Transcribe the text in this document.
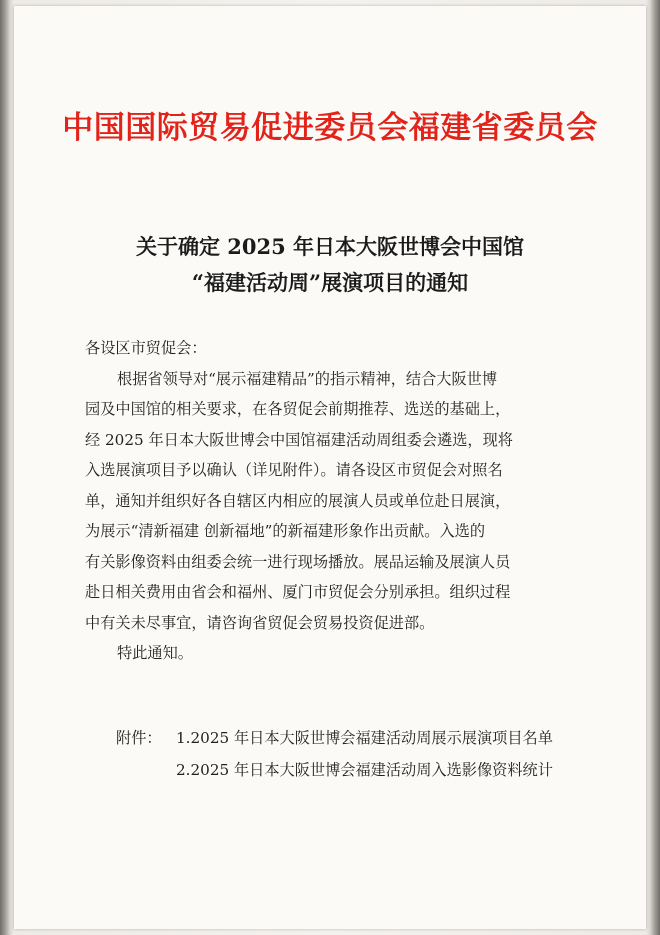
中国国际贸易促进委员会福建省委员会
关于确定 2025 年日本大阪世博会中国馆
“福建活动周”展演项目的通知

各设区市贸促会：

根据省领导对“展示福建精品”的指示精神，结合大阪世博

园及中国馆的相关要求，在各贸促会前期推荐、选送的基础上，

经 2025 年日本大阪世博会中国馆福建活动周组委会遴选，现将

入选展演项目予以确认（详见附件）。请各设区市贸促会对照名

单，通知并组织好各自辖区内相应的展演人员或单位赴日展演，

为展示“清新福建 创新福地”的新福建形象作出贡献。入选的

有关影像资料由组委会统一进行现场播放。展品运输及展演人员

赴日相关费用由省会和福州、厦门市贸促会分别承担。组织过程

中有关未尽事宜，请咨询省贸促会贸易投资促进部。

特此通知。

附件： 1.2025 年日本大阪世博会福建活动周展示展演项目名单
2.2025 年日本大阪世博会福建活动周入选影像资料统计
